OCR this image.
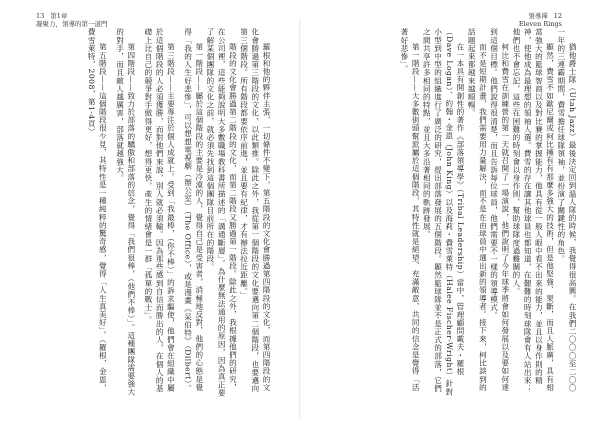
13 第1章
凝聚力，領導的第一道門

羅根和他的夥伴主張，一切條件不變下，第五階段的文化會勝過第四階段的文化，而第四階段的文化會勝過第三階段的文化，以此類推。除此之外，我從第一個階段的文化要邁向第二個階段，也要邁向第三個階段。所有階段都要依序前進，並且要有紀律，才有辦法拉近距離。」

階段的文化會勝過第二階段的文化，而第二階段又勝過第一階段。除此之外，我根據他們的研究，在公司裡，這些能夠說明大多數職場教科書所描述的「溝通斷層」。為什麼無法通用的原因，因為真正要了解某個團隊的文化之前，就必須先找到這個團隊目前所在的階段。

第一階段——屬於這個階段的主要是冷漠的人，覺得自己是受害者，消極地反對，他們的心態是覺得「我的人生好悲慘」，可以想想電視劇（辦公室）（The Office），或是漫畫《呆伯特》（Dilbert）。

第三階段——主要專注於個人成就上。受到「我最棒，（你不棒）」的訴求驅使，他們會在組織中屬於這個階段的人必須獲勝，而對他們來說，別人就必須輸。因為那些感到自信而勝出的人，在個人的基礎上比自己的競爭對手做得更好，想得更快，產生的情緒會是一群「孤單的戰士」。

第四階段——致力於部落的驕傲和部落的信念，覺得「我們很棒，（他們不棒）」。這種團隊需要強大的對手，而且敵人越厲害，部落就越強大。

第五階段——這個階段很少見，其特性是一種純粹的驚奇感，覺得「人生真美好」。（羅根，金恩，費雪萊特，2008，第1-4頁）

領導禪 12
Eleven Rings

猶他爵士隊（Utah Jazz）最後決定回到溫人隊的時候，我覺得很高興。在我們二〇〇〇至二〇〇一年的三連霸期間，費雪擔任球隊領袖，並扮演了關鍵性的角色。

顯然，費雪不如歐尼爾或柯比擁有有那麼多強大的技術，但是他堅強、果斷，而且人脈廣，具有相當強大的籃球智商以及對比賽的掌握能力，他具有從一般人眼中看不出來的能力，並且以身作則的精神，使他成為最理想的領袖人選。費雪的存在讓其他球員也都知道，在艱難的時刻球隊會有人站出來；他們也不會忘記，這些在困難的時刻會以身作則、幫助球隊度過難關的人。

柯比和費雪在訓練營的第一天就召開了一場演說，他們說明了今年球季將會如何發展以及要如何達到這個目標。他們說得很清楚，而且告訴每位球員，他們需要不一樣的領導模式。

而不是短期計畫，我們需要用力量解決，而不是在由球員中選出新的領導者。接下來，柯比談到的話題起來都越來越順暢。

在一本具有開創性的著作《部落領導學》（Tribal Leadership）當中，管理顧問戴夫・羅根（Dave Logan）、約翰・金恩（John King）以及海莉・費雪萊特（Halee Fischer-Wright）針對小型到中型的組織進行了廣泛的研究，提出部落發展的五個階段。顯然籃球隊並不是正式的部落，它們之間共享許多相同的特點，並且大多沿著相同的軌跡發展。

第一階段——大多數街頭幫派屬於這個階段，其特性就是絕望、充滿敵意，共同的信念是覺得「活著好悲慘」。
